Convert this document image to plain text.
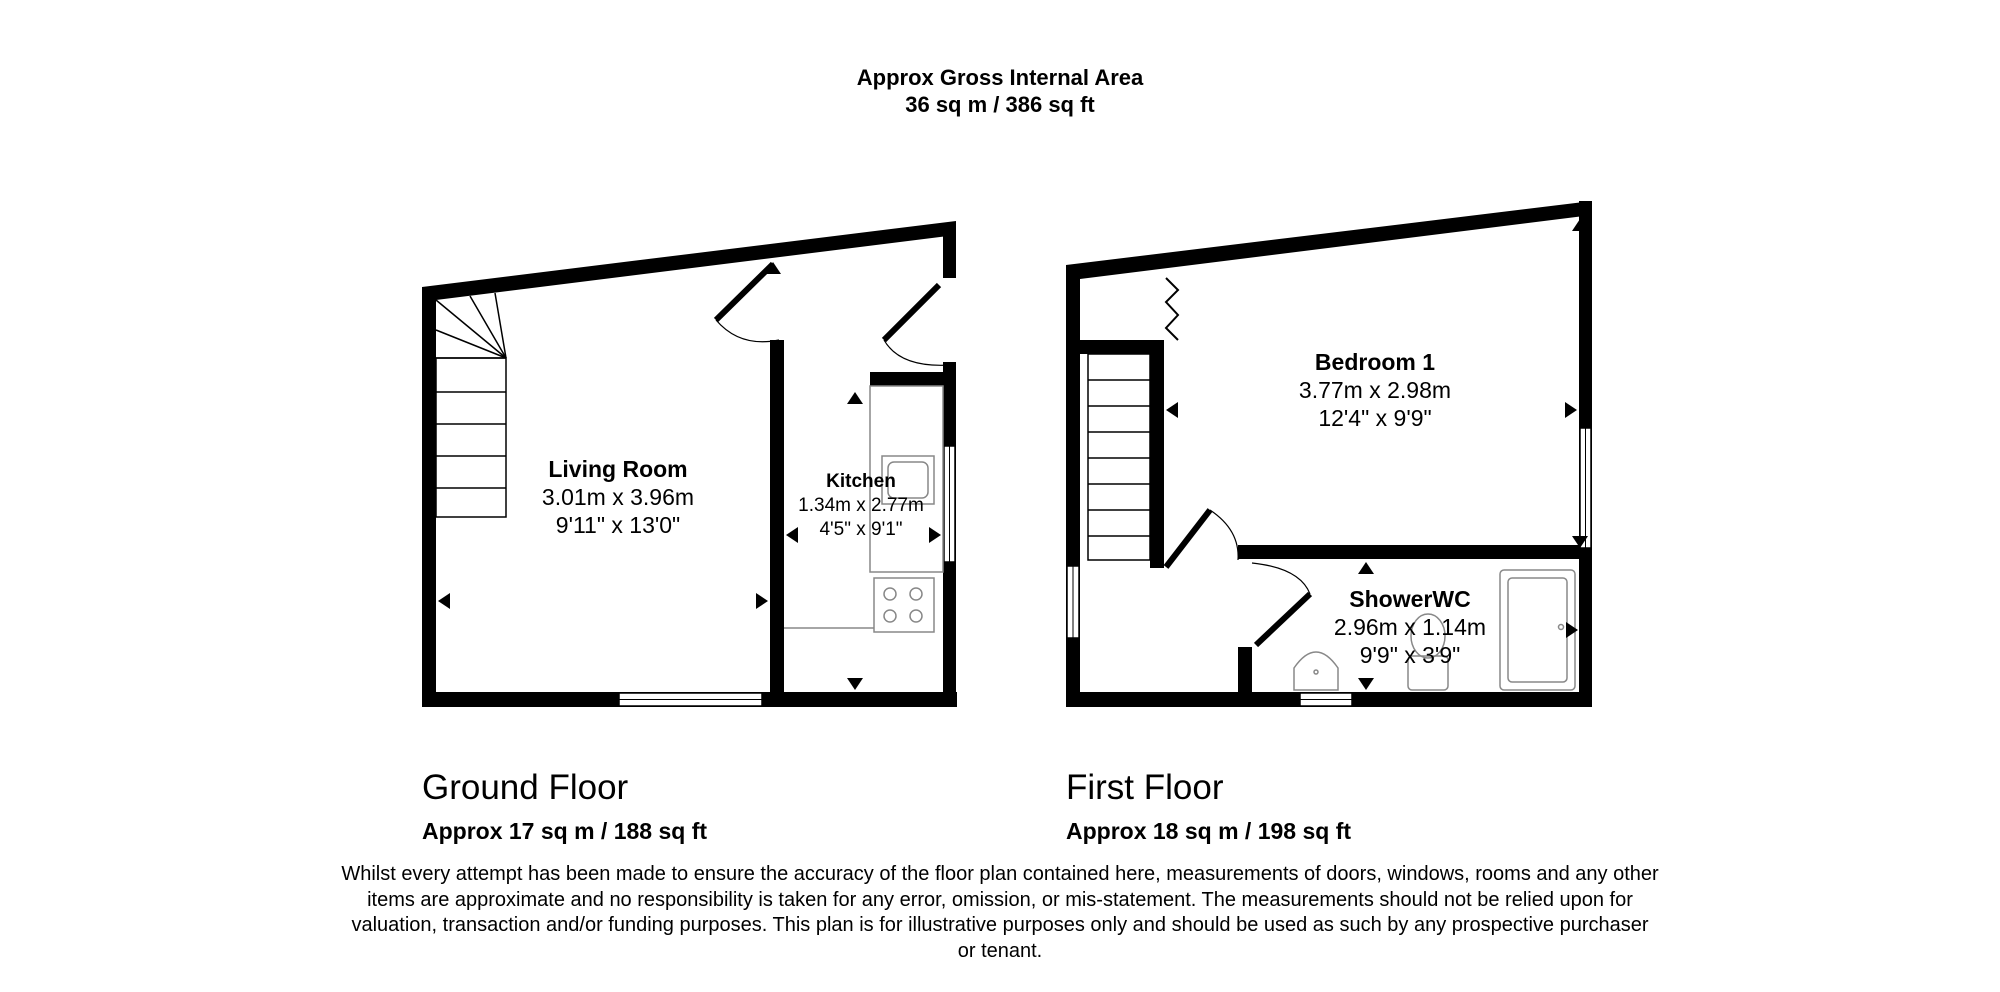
Approx Gross Internal Area
36 sq m / 386 sq ft
Living Room
3.01m x 3.96m
9'11" x 13'0"
Kitchen
1.34m x 2.77m
4'5" x 9'1"
Bedroom 1
3.77m x 2.98m
12'4" x 9'9"
ShowerWC
2.96m x 1.14m
9'9" x 3'9"
Ground Floor
Approx 17 sq m / 188 sq ft
First Floor
Approx 18 sq m / 198 sq ft
Whilst every attempt has been made to ensure the accuracy of the floor plan contained here, measurements of doors, windows, rooms and any other items are approximate and no responsibility is taken for any error, omission, or mis-statement. The measurements should not be relied upon for valuation, transaction and/or funding purposes. This plan is for illustrative purposes only and should be used as such by any prospective purchaser or tenant.
